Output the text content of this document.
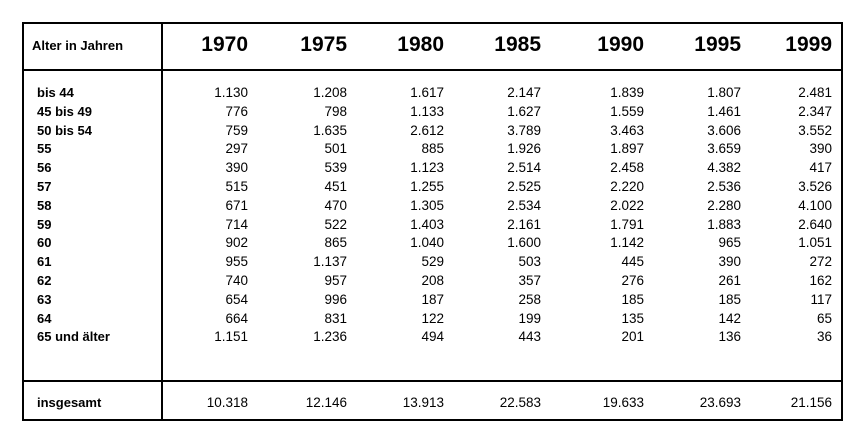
Alter in Jahren	1970	1975	1980	1985	1990	1995	1999
bis 44	1.130	1.208	1.617	2.147	1.839	1.807	2.481
45 bis 49	776	798	1.133	1.627	1.559	1.461	2.347
50 bis 54	759	1.635	2.612	3.789	3.463	3.606	3.552
55	297	501	885	1.926	1.897	3.659	390
56	390	539	1.123	2.514	2.458	4.382	417
57	515	451	1.255	2.525	2.220	2.536	3.526
58	671	470	1.305	2.534	2.022	2.280	4.100
59	714	522	1.403	2.161	1.791	1.883	2.640
60	902	865	1.040	1.600	1.142	965	1.051
61	955	1.137	529	503	445	390	272
62	740	957	208	357	276	261	162
63	654	996	187	258	185	185	117
64	664	831	122	199	135	142	65
65 und älter	1.151	1.236	494	443	201	136	36
insgesamt	10.318	12.146	13.913	22.583	19.633	23.693	21.156
